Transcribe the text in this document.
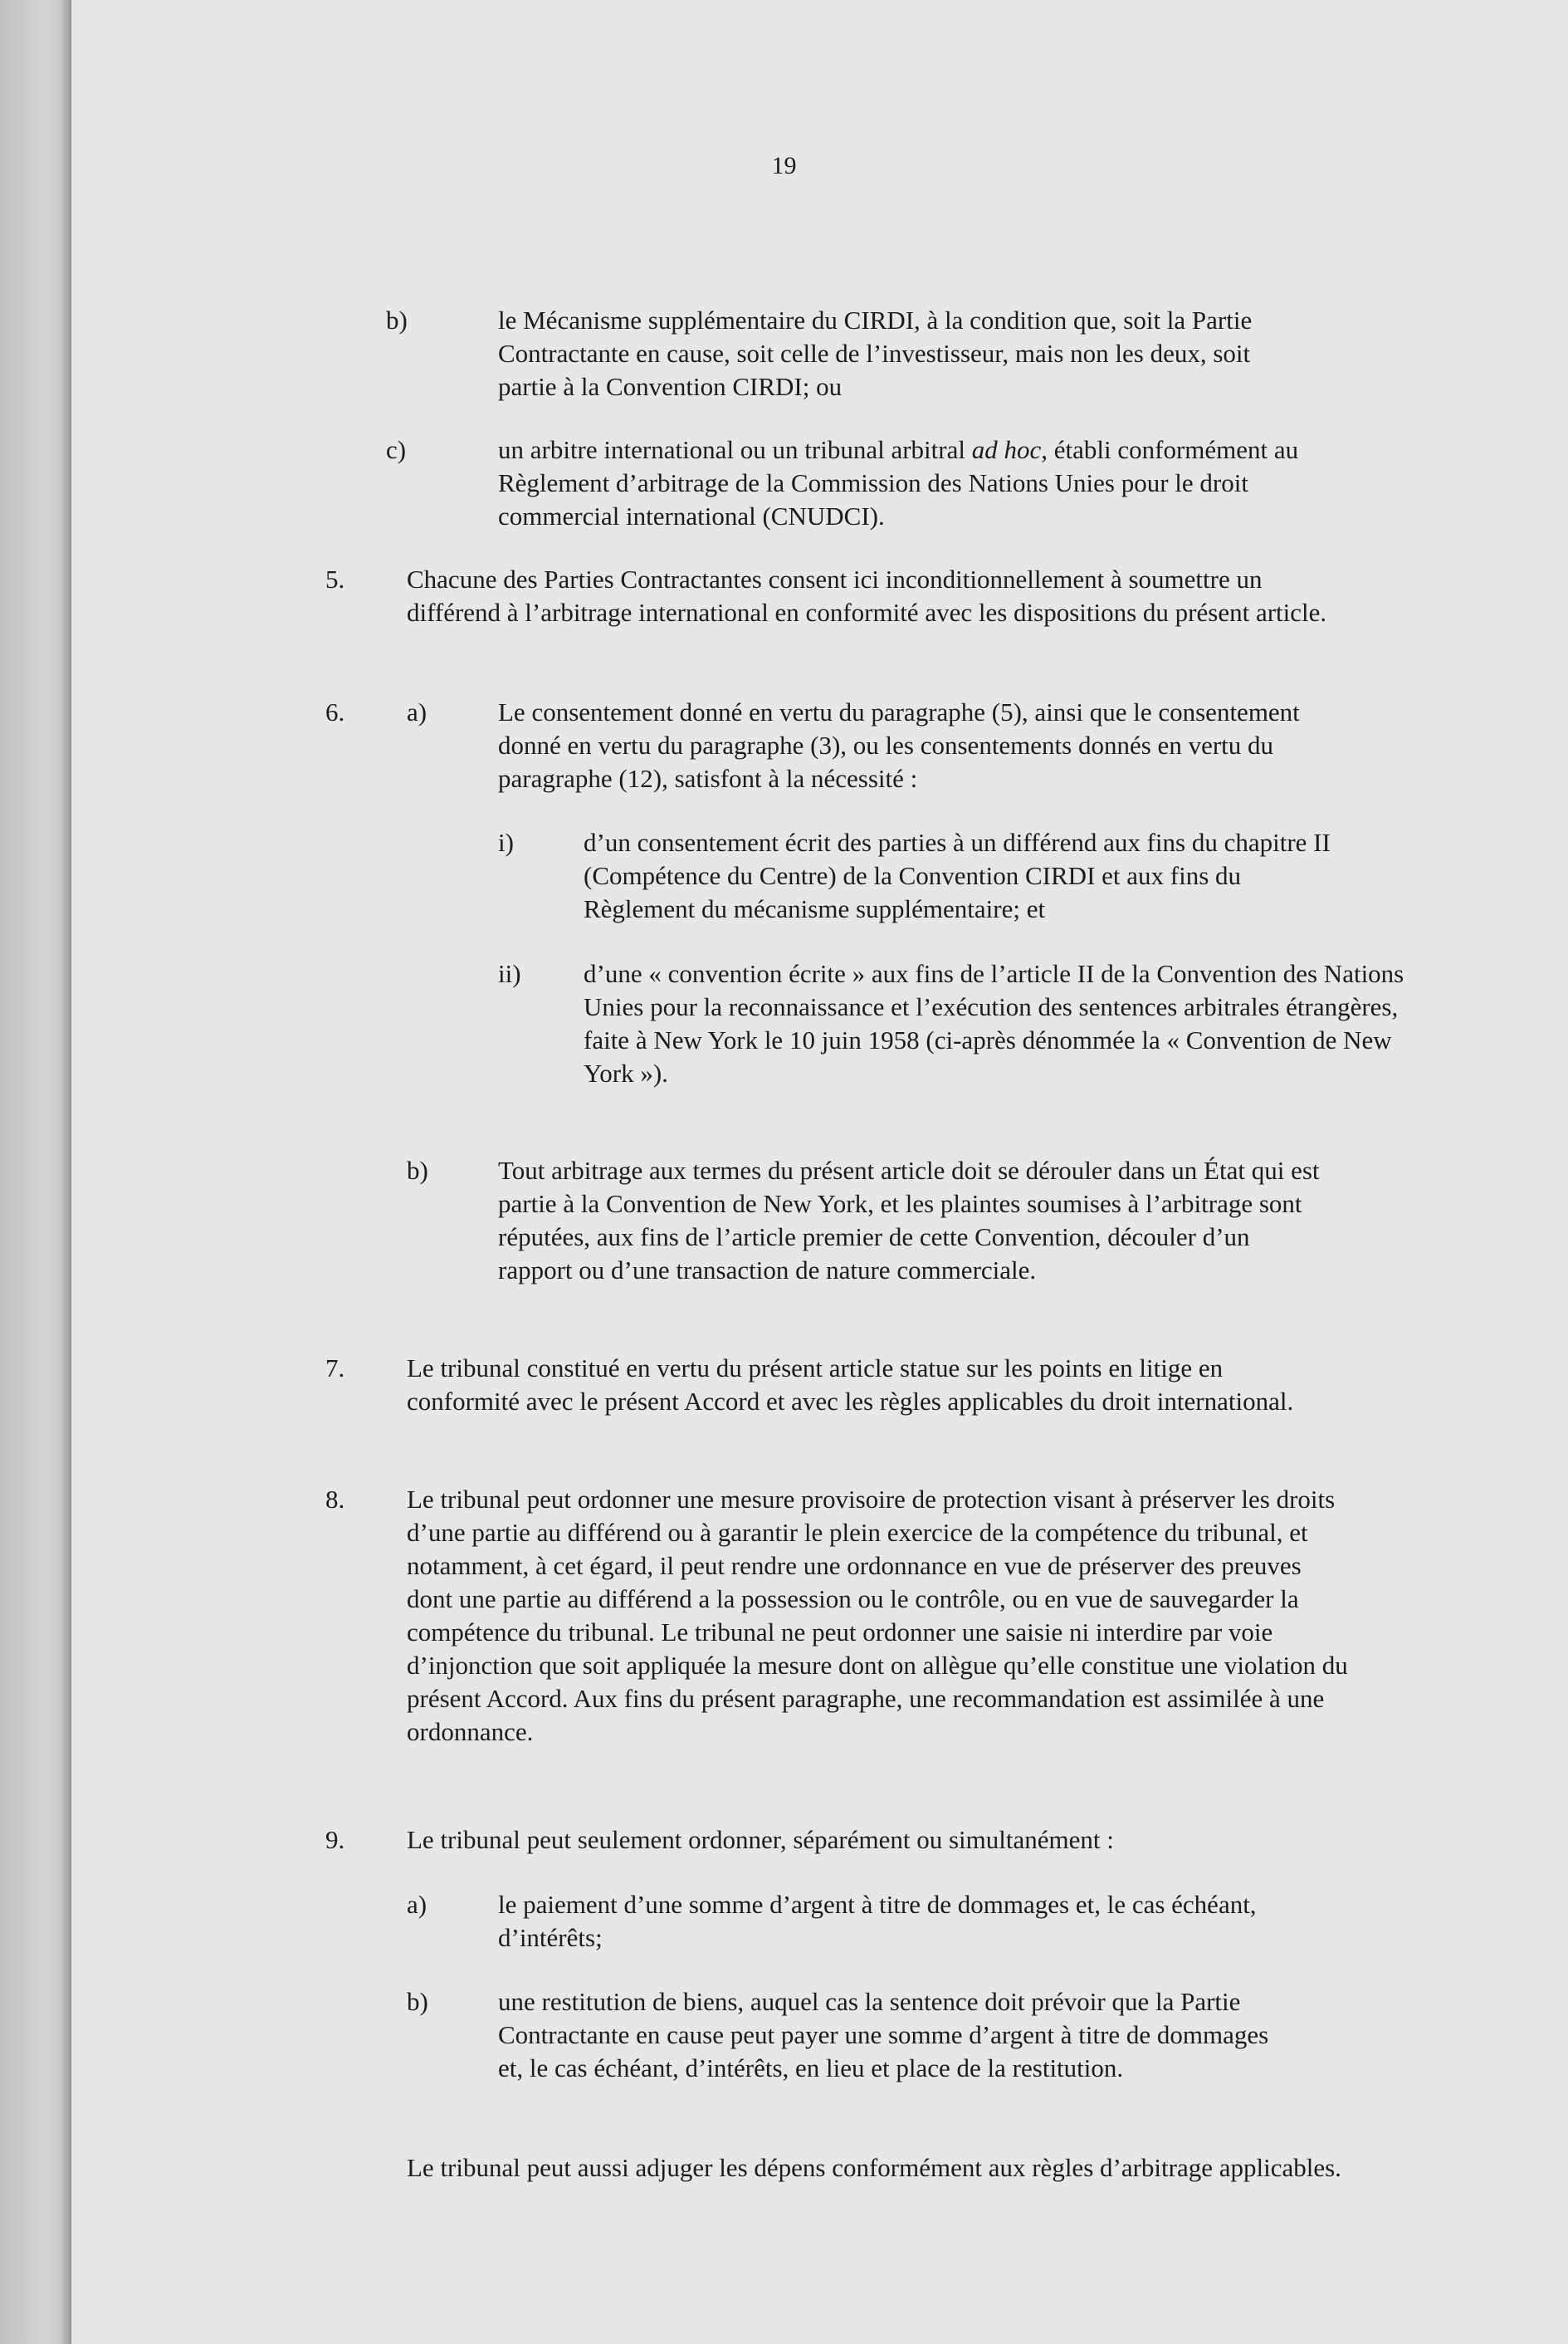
19
b)	le Mécanisme supplémentaire du CIRDI, à la condition que, soit la Partie Contractante en cause, soit celle de l’investisseur, mais non les deux, soit partie à la Convention CIRDI; ou

c)	un arbitre international ou un tribunal arbitral ad hoc, établi conformément au Règlement d’arbitrage de la Commission des Nations Unies pour le droit commercial international (CNUDCI).

5. Chacune des Parties Contractantes consent ici inconditionnellement à soumettre un différend à l’arbitrage international en conformité avec les dispositions du présent article.

6. a)	Le consentement donné en vertu du paragraphe (5), ainsi que le consentement donné en vertu du paragraphe (3), ou les consentements donnés en vertu du paragraphe (12), satisfont à la nécessité :

i)	d’un consentement écrit des parties à un différend aux fins du chapitre II (Compétence du Centre) de la Convention CIRDI et aux fins du Règlement du mécanisme supplémentaire; et

ii) d’une « convention écrite » aux fins de l’article II de la Convention des Nations Unies pour la reconnaissance et l’exécution des sentences arbitrales étrangères, faite à New York le 10 juin 1958 (ci-après dénommée la « Convention de New York »).

b)	Tout arbitrage aux termes du présent article doit se dérouler dans un État qui est partie à la Convention de New York, et les plaintes soumises à l’arbitrage sont réputées, aux fins de l’article premier de cette Convention, découler d’un rapport ou d’une transaction de nature commerciale.

7. Le tribunal constitué en vertu du présent article statue sur les points en litige en conformité avec le présent Accord et avec les règles applicables du droit international.

8. Le tribunal peut ordonner une mesure provisoire de protection visant à préserver les droits d’une partie au différend ou à garantir le plein exercice de la compétence du tribunal, et notamment, à cet égard, il peut rendre une ordonnance en vue de préserver des preuves dont une partie au différend a la possession ou le contrôle, ou en vue de sauvegarder la compétence du tribunal. Le tribunal ne peut ordonner une saisie ni interdire par voie d’injonction que soit appliquée la mesure dont on allègue qu’elle constitue une violation du présent Accord. Aux fins du présent paragraphe, une recommandation est assimilée à une ordonnance.

9. Le tribunal peut seulement ordonner, séparément ou simultanément :

a)	le paiement d’une somme d’argent à titre de dommages et, le cas échéant, d’intérêts;

b)	une restitution de biens, auquel cas la sentence doit prévoir que la Partie Contractante en cause peut payer une somme d’argent à titre de dommages et, le cas échéant, d’intérêts, en lieu et place de la restitution.

Le tribunal peut aussi adjuger les dépens conformément aux règles d’arbitrage applicables.
